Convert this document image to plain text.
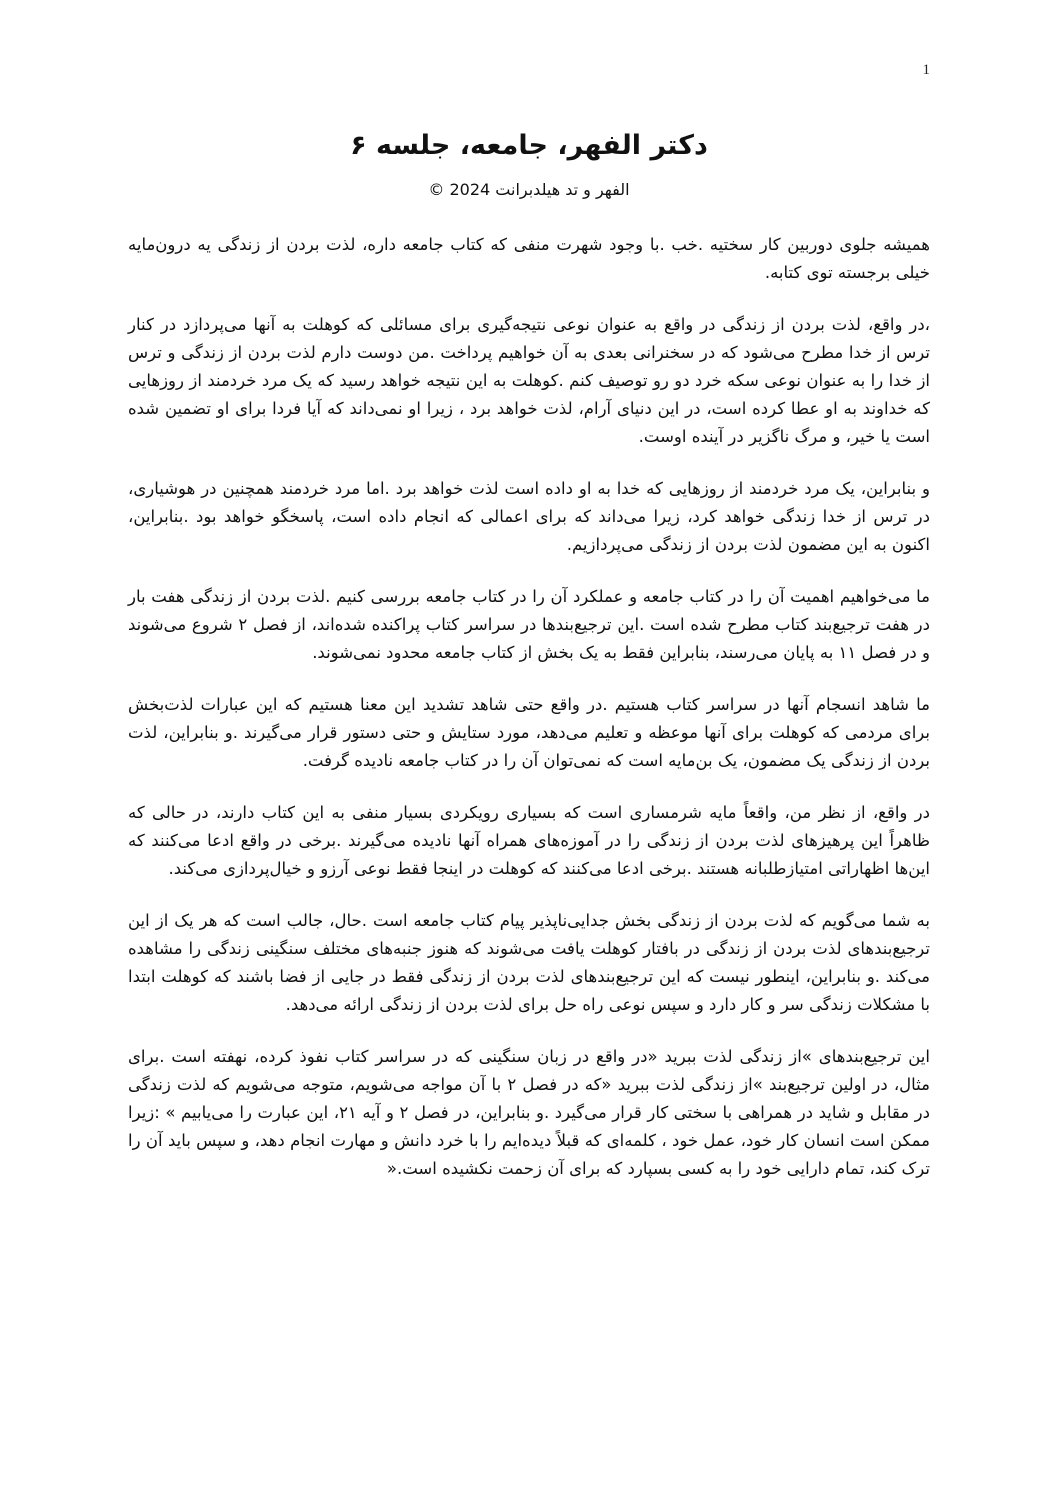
1
دکتر الفهر، جامعه، جلسه ۶

الفهر و تد هیلدبرانت 2024 ©

همیشه جلوی دوربین کار سختیه .خب .با وجود شهرت منفی که کتاب جامعه داره، لذت بردن از زندگی یه درون‌مایه خیلی برجسته توی کتابه.

،در واقع، لذت بردن از زندگی در واقع به عنوان نوعی نتیجه‌گیری برای مسائلی که کوهلت به آنها می‌پردازد در کنار ترس از خدا مطرح می‌شود که در سخنرانی بعدی به آن خواهیم پرداخت .من دوست دارم لذت بردن از زندگی و ترس از خدا را به عنوان نوعی سکه خرد دو رو توصیف کنم .کوهلت به این نتیجه خواهد رسید که یک مرد خردمند از روزهایی که خداوند به او عطا کرده است، در این دنیای آرام، لذت خواهد برد ، زیرا او نمی‌داند که آیا فردا برای او تضمین شده است یا خیر، و مرگ ناگزیر در آینده اوست.

و بنابراین، یک مرد خردمند از روزهایی که خدا به او داده است لذت خواهد برد .اما مرد خردمند همچنین در هوشیاری، در ترس از خدا زندگی خواهد کرد، زیرا می‌داند که برای اعمالی که انجام داده است، پاسخگو خواهد بود .بنابراین، اکنون به این مضمون لذت بردن از زندگی می‌پردازیم.

ما می‌خواهیم اهمیت آن را در کتاب جامعه و عملکرد آن را در کتاب جامعه بررسی کنیم .لذت بردن از زندگی هفت بار در هفت ترجیع‌بند کتاب مطرح شده است .این ترجیع‌بندها در سراسر کتاب پراکنده شده‌اند، از فصل ۲ شروع می‌شوند و در فصل ۱۱ به پایان می‌رسند، بنابراین فقط به یک بخش از کتاب جامعه محدود نمی‌شوند.

ما شاهد انسجام آنها در سراسر کتاب هستیم .در واقع حتی شاهد تشدید این معنا هستیم که این عبارات لذت‌بخش برای مردمی که کوهلت برای آنها موعظه و تعلیم می‌دهد، مورد ستایش و حتی دستور قرار می‌گیرند .و بنابراین، لذت بردن از زندگی یک مضمون، یک بن‌مایه است که نمی‌توان آن را در کتاب جامعه نادیده گرفت.

در واقع، از نظر من، واقعاً مایه شرمساری است که بسیاری رویکردی بسیار منفی به این کتاب دارند، در حالی که ظاهراً این پرهیزهای لذت بردن از زندگی را در آموزه‌های همراه آنها نادیده می‌گیرند .برخی در واقع ادعا می‌کنند که این‌ها اظهاراتی امتیازطلبانه هستند .برخی ادعا می‌کنند که کوهلت در اینجا فقط نوعی آرزو و خیال‌پردازی می‌کند.

به شما می‌گویم که لذت بردن از زندگی بخش جدایی‌ناپذیر پیام کتاب جامعه است .حال، جالب است که هر یک از این ترجیع‌بندهای لذت بردن از زندگی در بافتار کوهلت یافت می‌شوند که هنوز جنبه‌های مختلف سنگینی زندگی را مشاهده می‌کند .و بنابراین، اینطور نیست که این ترجیع‌بندهای لذت بردن از زندگی فقط در جایی از فضا باشند که کوهلت ابتدا با مشکلات زندگی سر و کار دارد و سپس نوعی راه حل برای لذت بردن از زندگی ارائه می‌دهد.

این ترجیع‌بندهای »از زندگی لذت ببرید «در واقع در زبان سنگینی که در سراسر کتاب نفوذ کرده، نهفته است .برای مثال، در اولین ترجیع‌بند »از زندگی لذت ببرید «که در فصل ۲ با آن مواجه می‌شویم، متوجه می‌شویم که لذت زندگی در مقابل و شاید در همراهی با سختی کار قرار می‌گیرد .و بنابراین، در فصل ۲ و آیه ۲۱، این عبارت را می‌یابیم » :زیرا ممکن است انسان کار خود، عمل خود ، کلمه‌ای که قبلاً دیده‌ایم را با خرد دانش و مهارت انجام دهد، و سپس باید آن را ترک کند، تمام دارایی خود را به کسی بسپارد که برای آن زحمت نکشیده است.«
